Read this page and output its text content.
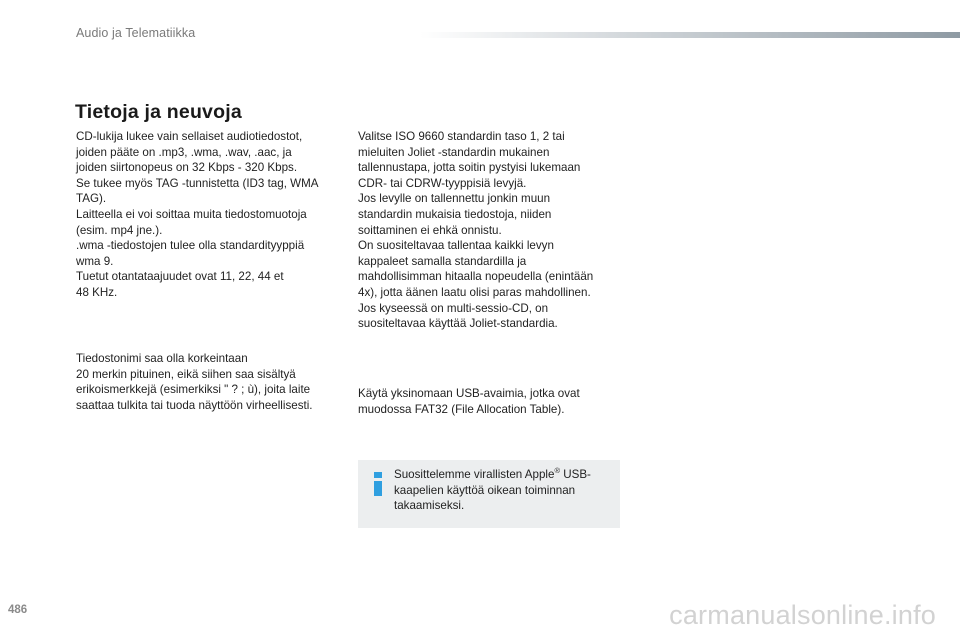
Audio ja Telematiikka
Tietoja ja neuvoja

CD-lukija lukee vain sellaiset audiotiedostot,
joiden pääte on .mp3, .wma, .wav, .aac, ja
joiden siirtonopeus on 32 Kbps - 320 Kbps.
Se tukee myös TAG -tunnistetta (ID3 tag, WMA
TAG).
Laitteella ei voi soittaa muita tiedostomuotoja
(esim. mp4 jne.).
.wma -tiedostojen tulee olla standardityyppiä
wma 9.
Tuetut otantataajuudet ovat 11, 22, 44 et
48 KHz.

Tiedostonimi saa olla korkeintaan
20 merkin pituinen, eikä siihen saa sisältyä
erikoismerkkejä (esimerkiksi " ? ; ù), joita laite
saattaa tulkita tai tuoda näyttöön virheellisesti.

Valitse ISO 9660 standardin taso 1, 2 tai
mieluiten Joliet -standardin mukainen
tallennustapa, jotta soitin pystyisi lukemaan
CDR- tai CDRW-tyyppisiä levyjä.
Jos levylle on tallennettu jonkin muun
standardin mukaisia tiedostoja, niiden
soittaminen ei ehkä onnistu.
On suositeltavaa tallentaa kaikki levyn
kappaleet samalla standardilla ja
mahdollisimman hitaalla nopeudella (enintään
4x), jotta äänen laatu olisi paras mahdollinen.
Jos kyseessä on multi-sessio-CD, on
suositeltavaa käyttää Joliet-standardia.

Käytä yksinomaan USB-avaimia, jotka ovat
muodossa FAT32 (File Allocation Table).

Suosittelemme virallisten Apple® USB-kaapelien käyttöä oikean toiminnan takaamiseksi.

486	carmanualsonline.info
